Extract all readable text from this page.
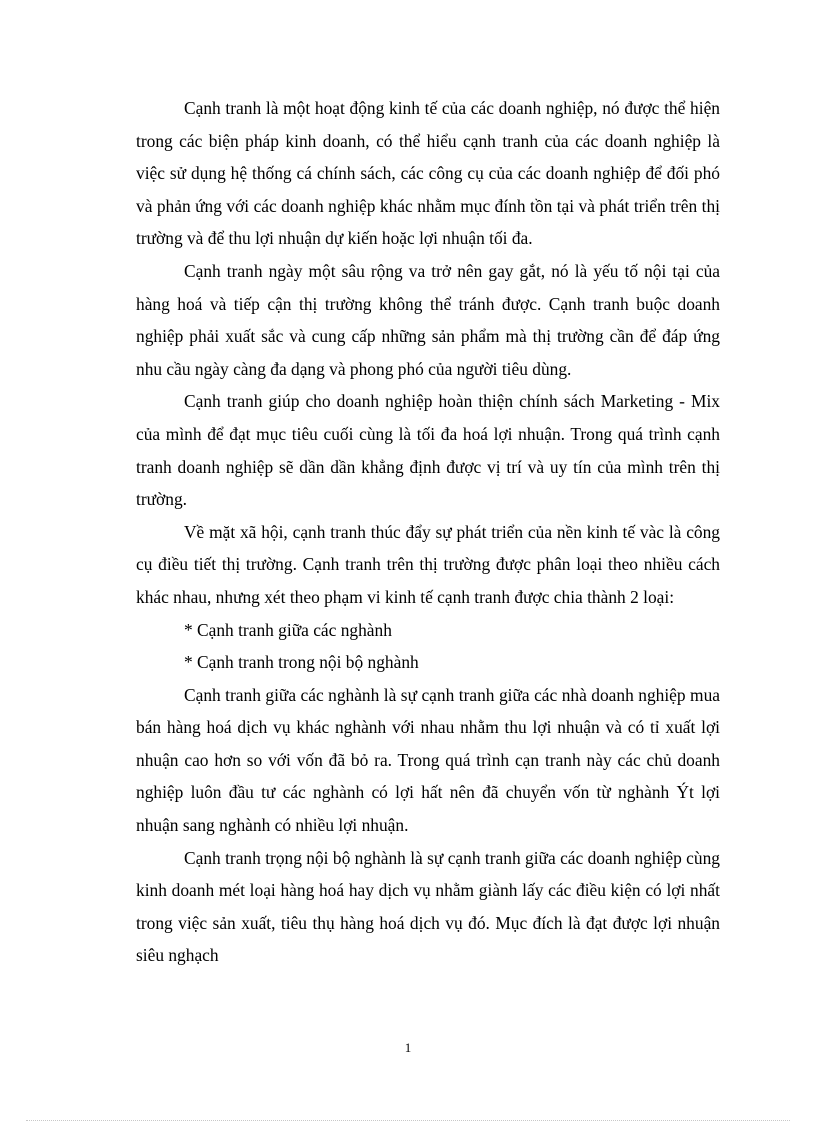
Cạnh tranh là một hoạt động kinh tế của các doanh nghiệp, nó được thể hiện trong các biện pháp kinh doanh, có thể hiểu cạnh tranh của các doanh nghiệp là việc sử dụng hệ thống cá chính sách, các công cụ của các doanh nghiệp để đối phó và phản ứng với các doanh nghiệp khác nhằm mục đính tồn tại và phát triển trên thị trường và để thu lợi nhuận dự kiến hoặc lợi nhuận tối đa.

Cạnh tranh ngày một sâu rộng va trở nên gay gắt, nó là yếu tố nội tại của hàng hoá và tiếp cận thị trường không thể tránh được. Cạnh tranh buộc doanh nghiệp phải xuất sắc và cung cấp những sản phẩm mà thị trường cần để đáp ứng nhu cầu ngày càng đa dạng và phong phó của người tiêu dùng.

Cạnh tranh giúp cho doanh nghiệp hoàn thiện chính sách Marketing - Mix của mình để đạt mục tiêu cuối cùng là tối đa hoá lợi nhuận. Trong quá trình cạnh tranh doanh nghiệp sẽ dần dần khẳng định được vị trí và uy tín của mình trên thị trường.

Về mặt xã hội, cạnh tranh thúc đẩy sự phát triển của nền kinh tế vàc là công cụ điều tiết thị trường. Cạnh tranh trên thị trường được phân loại theo nhiều cách khác nhau, nhưng xét theo phạm vi kinh tế cạnh tranh được chia thành 2 loại:

* Cạnh tranh giữa các nghành

* Cạnh tranh trong nội bộ nghành

Cạnh tranh giữa các nghành là sự cạnh tranh giữa các nhà doanh nghiệp mua bán hàng hoá dịch vụ khác nghành với nhau nhằm thu lợi nhuận và có tỉ xuất lợi nhuận cao hơn so với vốn đã bỏ ra. Trong quá trình cạn tranh này các chủ doanh nghiệp luôn đầu tư các nghành có lợi hất nên đã chuyển vốn từ nghành Ýt lợi nhuận sang nghành có nhiều lợi nhuận.

Cạnh tranh trọng nội bộ nghành là sự cạnh tranh giữa các doanh nghiệp cùng kinh doanh mét loại hàng hoá hay dịch vụ nhằm giành lấy các điều kiện có lợi nhất trong việc sản xuất, tiêu thụ hàng hoá dịch vụ đó. Mục đích là đạt được lợi nhuận siêu nghạch

1
